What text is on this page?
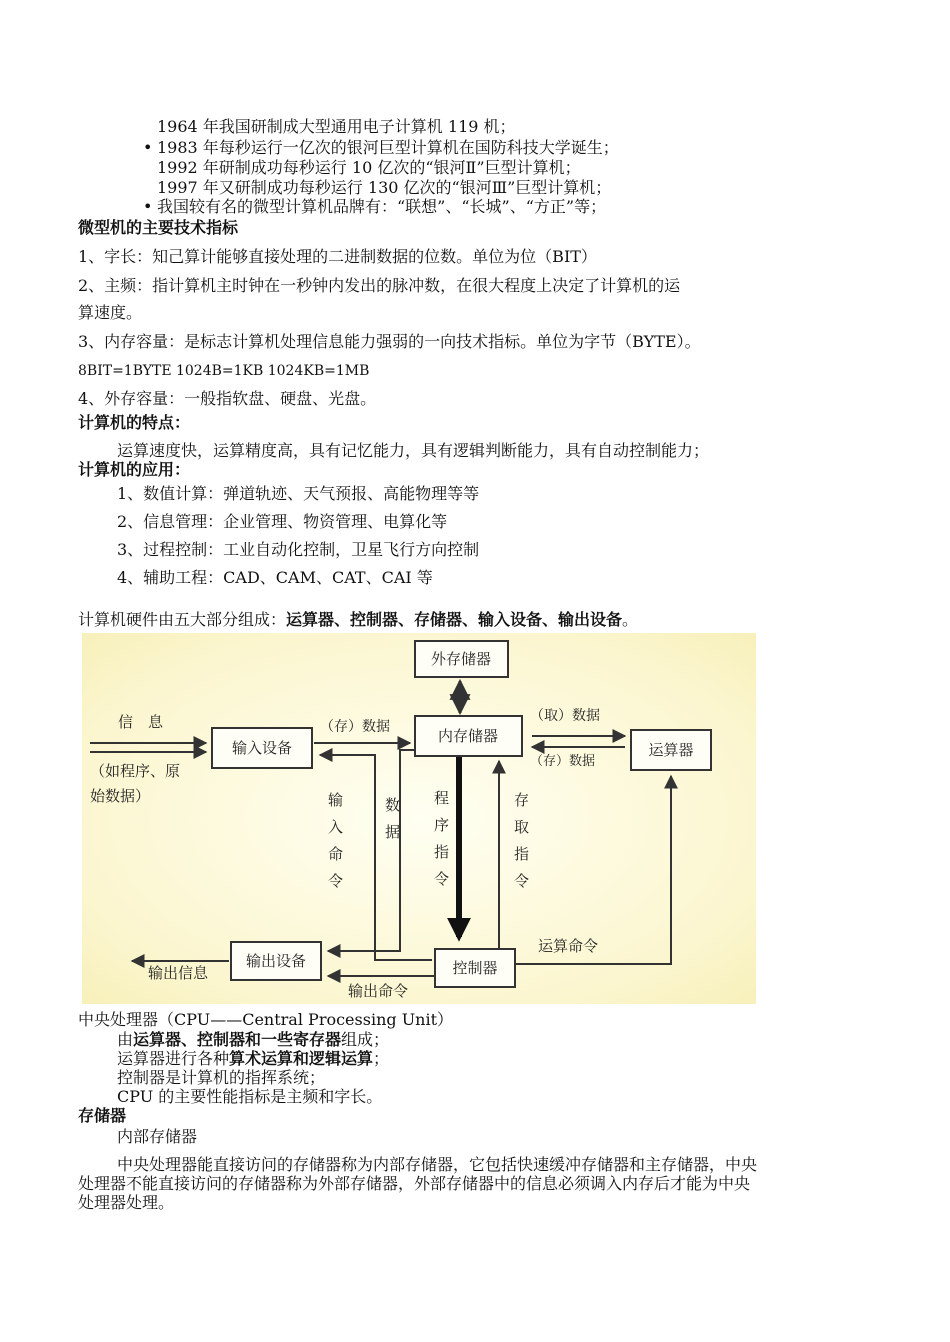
1964 年我国研制成大型通用电子计算机 119 机；
• 1983 年每秒运行一亿次的银河巨型计算机在国防科技大学诞生；
1992 年研制成功每秒运行 10 亿次的“银河Ⅱ”巨型计算机；
1997 年又研制成功每秒运行 130 亿次的“银河Ⅲ”巨型计算机；
• 我国较有名的微型计算机品牌有：“联想”、“长城”、“方正”等；
微型机的主要技术指标
1、字长：知己算计能够直接处理的二进制数据的位数。单位为位（BIT）
2、主频：指计算机主时钟在一秒钟内发出的脉冲数，在很大程度上决定了计算机的运
算速度。
3、内存容量：是标志计算机处理信息能力强弱的一向技术指标。单位为字节（BYTE）。
8BIT=1BYTE 1024B=1KB 1024KB=1MB
4、外存容量：一般指软盘、硬盘、光盘。
计算机的特点：
运算速度快，运算精度高，具有记忆能力，具有逻辑判断能力，具有自动控制能力；
计算机的应用：
1、数值计算：弹道轨迹、天气预报、高能物理等等
2、信息管理：企业管理、物资管理、电算化等
3、过程控制：工业自动化控制，卫星飞行方向控制
4、辅助工程：CAD、CAM、CAT、CAI 等
计算机硬件由五大部分组成：运算器、控制器、存储器、输入设备、输出设备。
外存储器
输入设备
内存储器
运算器
输出设备	控制器
信　息
（如程序、原
始数据）
（存）数据
（取）数据
（存）数据
输
入
命
令
数
据
程
序
指
令
存
取
指
令
运算命令
输出信息
输出命令
中央处理器（CPU——Central Processing Unit）
由运算器、控制器和一些寄存器组成；
运算器进行各种算术运算和逻辑运算；
控制器是计算机的指挥系统；
CPU 的主要性能指标是主频和字长。
存储器
内部存储器
中央处理器能直接访问的存储器称为内部存储器，它包括快速缓冲存储器和主存储器，中央
处理器不能直接访问的存储器称为外部存储器，外部存储器中的信息必须调入内存后才能为中央
处理器处理。
